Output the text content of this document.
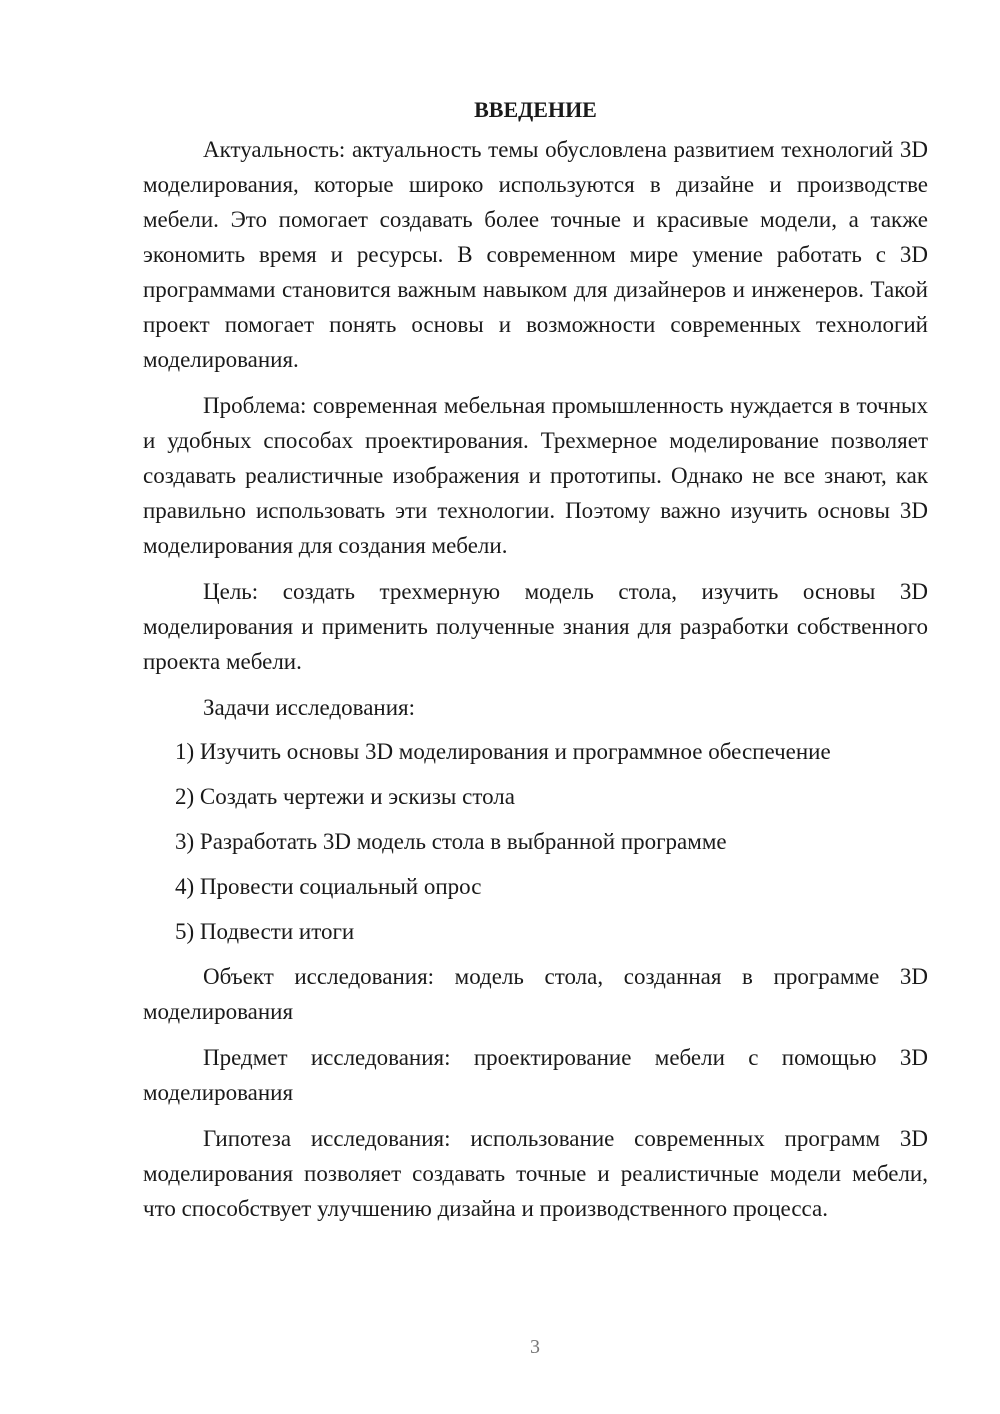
ВВЕДЕНИЕ

Актуальность: актуальность темы обусловлена развитием технологий 3D моделирования, которые широко используются в дизайне и производстве мебели. Это помогает создавать более точные и красивые модели, а также экономить время и ресурсы. В современном мире умение работать с 3D программами становится важным навыком для дизайнеров и инженеров. Такой проект помогает понять основы и возможности современных технологий моделирования.

Проблема: современная мебельная промышленность нуждается в точных и удобных способах проектирования. Трехмерное моделирование позволяет создавать реалистичные изображения и прототипы. Однако не все знают, как правильно использовать эти технологии. Поэтому важно изучить основы 3D моделирования для создания мебели.

Цель: создать трехмерную модель стола, изучить основы 3D моделирования и применить полученные знания для разработки собственного проекта мебели.

Задачи исследования:

1) Изучить основы 3D моделирования и программное обеспечение
2) Создать чертежи и эскизы стола
3) Разработать 3D модель стола в выбранной программе
4) Провести социальный опрос
5) Подвести итоги

Объект исследования: модель стола, созданная в программе 3D моделирования

Предмет исследования: проектирование мебели с помощью 3D моделирования

Гипотеза исследования: использование современных программ 3D моделирования позволяет создавать точные и реалистичные модели мебели, что способствует улучшению дизайна и производственного процесса.

3
